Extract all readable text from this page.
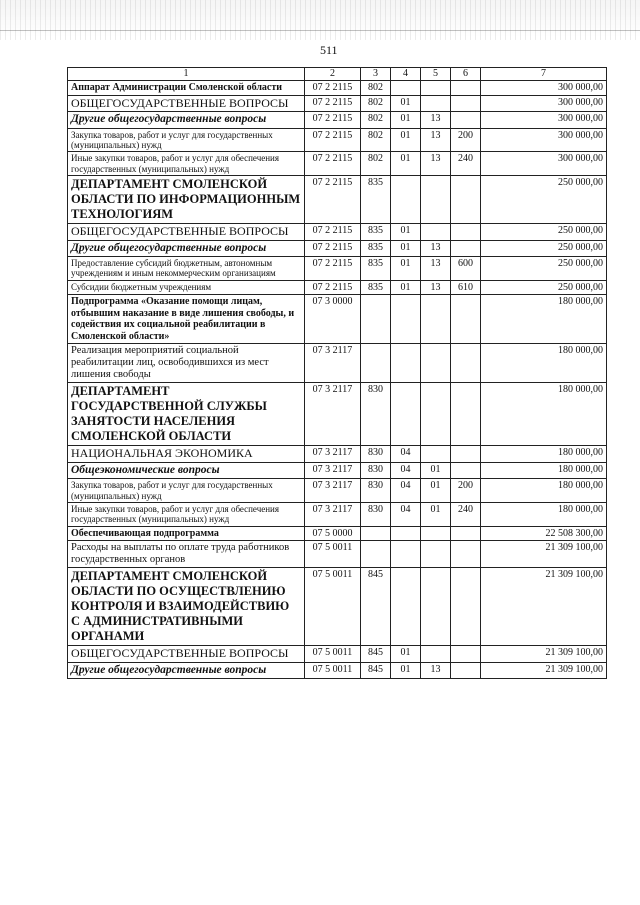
511
1	2	3	4	5	6	7
Аппарат Администрации Смоленской области	07 2 2115	802				300 000,00
ОБЩЕГОСУДАРСТВЕННЫЕ ВОПРОСЫ	07 2 2115	802	01			300 000,00
Другие общегосударственные вопросы	07 2 2115	802	01	13		300 000,00
Закупка товаров, работ и услуг для государственных (муниципальных) нужд	07 2 2115	802	01	13	200	300 000,00
Иные закупки товаров, работ и услуг для обеспечения государственных (муниципальных) нужд	07 2 2115	802	01	13	240	300 000,00
ДЕПАРТАМЕНТ СМОЛЕНСКОЙ ОБЛАСТИ ПО ИНФОРМАЦИОННЫМ ТЕХНОЛОГИЯМ	07 2 2115	835				250 000,00
ОБЩЕГОСУДАРСТВЕННЫЕ ВОПРОСЫ	07 2 2115	835	01			250 000,00
Другие общегосударственные вопросы	07 2 2115	835	01	13		250 000,00
Предоставление субсидий бюджетным, автономным учреждениям и иным некоммерческим организациям	07 2 2115	835	01	13	600	250 000,00
Субсидии бюджетным учреждениям	07 2 2115	835	01	13	610	250 000,00
Подпрограмма «Оказание помощи лицам, отбывшим наказание в виде лишения свободы, и содействия их социальной реабилитации в Смоленской области»	07 3 0000					180 000,00
Реализация мероприятий социальной реабилитации лиц, освободившихся из мест лишения свободы	07 3 2117					180 000,00
ДЕПАРТАМЕНТ ГОСУДАРСТВЕННОЙ СЛУЖБЫ ЗАНЯТОСТИ НАСЕЛЕНИЯ СМОЛЕНСКОЙ ОБЛАСТИ	07 3 2117	830				180 000,00
НАЦИОНАЛЬНАЯ ЭКОНОМИКА	07 3 2117	830	04			180 000,00
Общеэкономические вопросы	07 3 2117	830	04	01		180 000,00
Закупка товаров, работ и услуг для государственных (муниципальных) нужд	07 3 2117	830	04	01	200	180 000,00
Иные закупки товаров, работ и услуг для обеспечения государственных (муниципальных) нужд	07 3 2117	830	04	01	240	180 000,00
Обеспечивающая подпрограмма	07 5 0000					22 508 300,00
Расходы на выплаты по оплате труда работников государственных органов	07 5 0011					21 309 100,00
ДЕПАРТАМЕНТ СМОЛЕНСКОЙ ОБЛАСТИ ПО ОСУЩЕСТВЛЕНИЮ КОНТРОЛЯ И ВЗАИМОДЕЙСТВИЮ С АДМИНИСТРАТИВНЫМИ ОРГАНАМИ	07 5 0011	845				21 309 100,00
ОБЩЕГОСУДАРСТВЕННЫЕ ВОПРОСЫ	07 5 0011	845	01			21 309 100,00
Другие общегосударственные вопросы	07 5 0011	845	01	13		21 309 100,00
